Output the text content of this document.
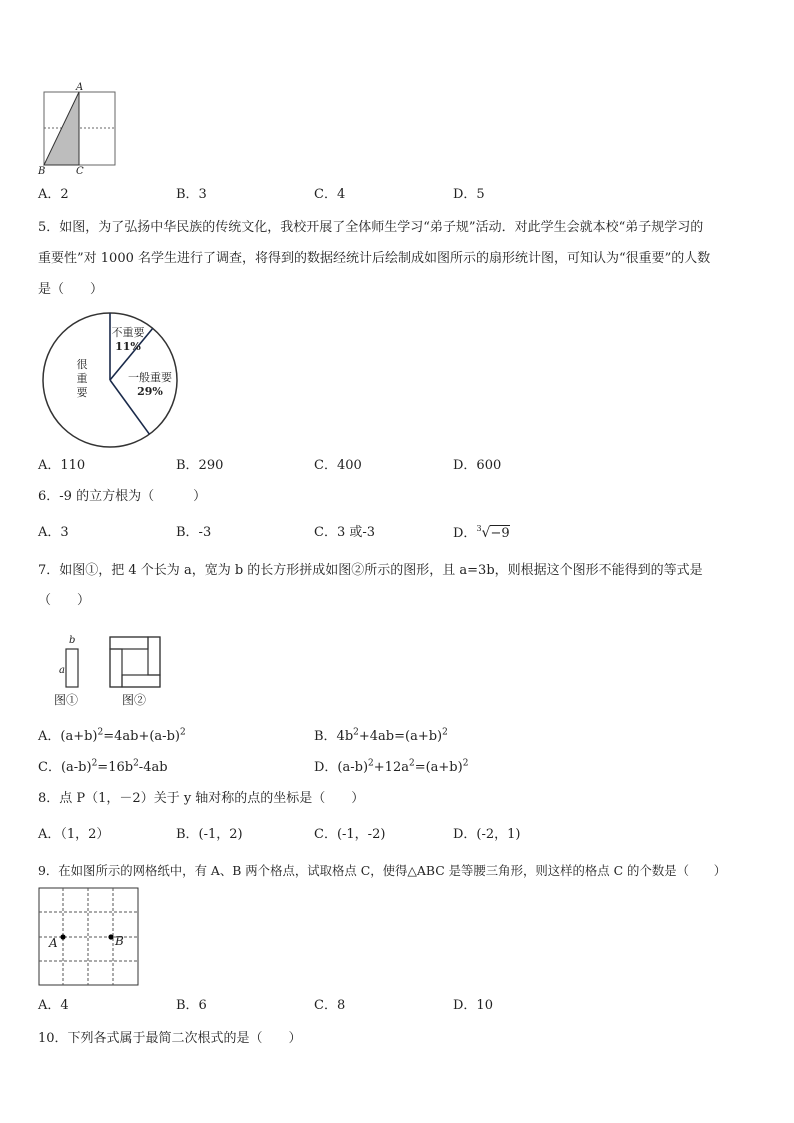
A
B	C
A．2	B．3	C．4	D．5
5．如图，为了弘扬中华民族的传统文化，我校开展了全体师生学习“弟子规”活动．对此学生会就本校“弟子规学习的
重要性”对 1000 名学生进行了调查，将得到的数据经统计后绘制成如图所示的扇形统计图，可知认为“很重要”的人数
是（　　）
不重要
11%
一般重要
29%
很
重
要
A．110	B．290	C．400	D．600
6．-9 的立方根为（　　　）
A．3	B．-3	C．3 或-3	D．$^3$√−9
7．如图①，把 4 个长为 a，宽为 b 的长方形拼成如图②所示的图形，且 a=3b，则根据这个图形不能得到的等式是
（　　）
b
a
图①	图②
A．$(a+b)^2=4ab+(a-b)^2$	B．$4b^2+4ab=(a+b)^2$
C．$(a-b)^2=16b^2-4ab$	D．$(a-b)^2+12a^2=(a+b)^2$
8．点 P（1，－2）关于 y 轴对称的点的坐标是（　　）
A．（1，2）	B．(-1，2)	C．(-1，-2)	D．(-2，1)
9．在如图所示的网格纸中，有 A、B 两个格点，试取格点 C，使得△ABC 是等腰三角形，则这样的格点 C 的个数是（　　）
A	B
A．4	B．6	C．8	D．10
10．下列各式属于最简二次根式的是（　　）
